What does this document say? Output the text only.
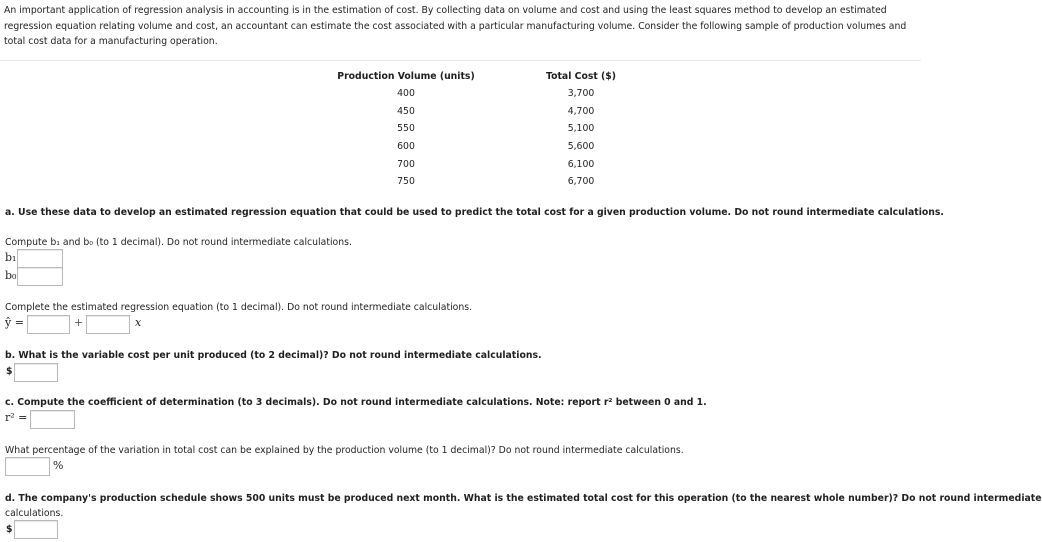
An important application of regression analysis in accounting is in the estimation of cost. By collecting data on volume and cost and using the least squares method to develop an estimated regression equation relating volume and cost, an accountant can estimate the cost associated with a particular manufacturing volume. Consider the following sample of production volumes and total cost data for a manufacturing operation.
Production Volume (units)	Total Cost ($)
400	3,700
450	4,700
550	5,100
600	5,600
700	6,100
750	6,700
a. Use these data to develop an estimated regression equation that could be used to predict the total cost for a given production volume. Do not round intermediate calculations.
Compute b₁ and b₀ (to 1 decimal). Do not round intermediate calculations.
b₁
b₀
Complete the estimated regression equation (to 1 decimal). Do not round intermediate calculations.
ŷ =	+	x
b. What is the variable cost per unit produced (to 2 decimal)? Do not round intermediate calculations.
$
c. Compute the coefficient of determination (to 3 decimals). Do not round intermediate calculations. Note: report r² between 0 and 1.
r² =
What percentage of the variation in total cost can be explained by the production volume (to 1 decimal)? Do not round intermediate calculations.
%
d. The company's production schedule shows 500 units must be produced next month. What is the estimated total cost for this operation (to the nearest whole number)? Do not round intermediate
calculations.
$
